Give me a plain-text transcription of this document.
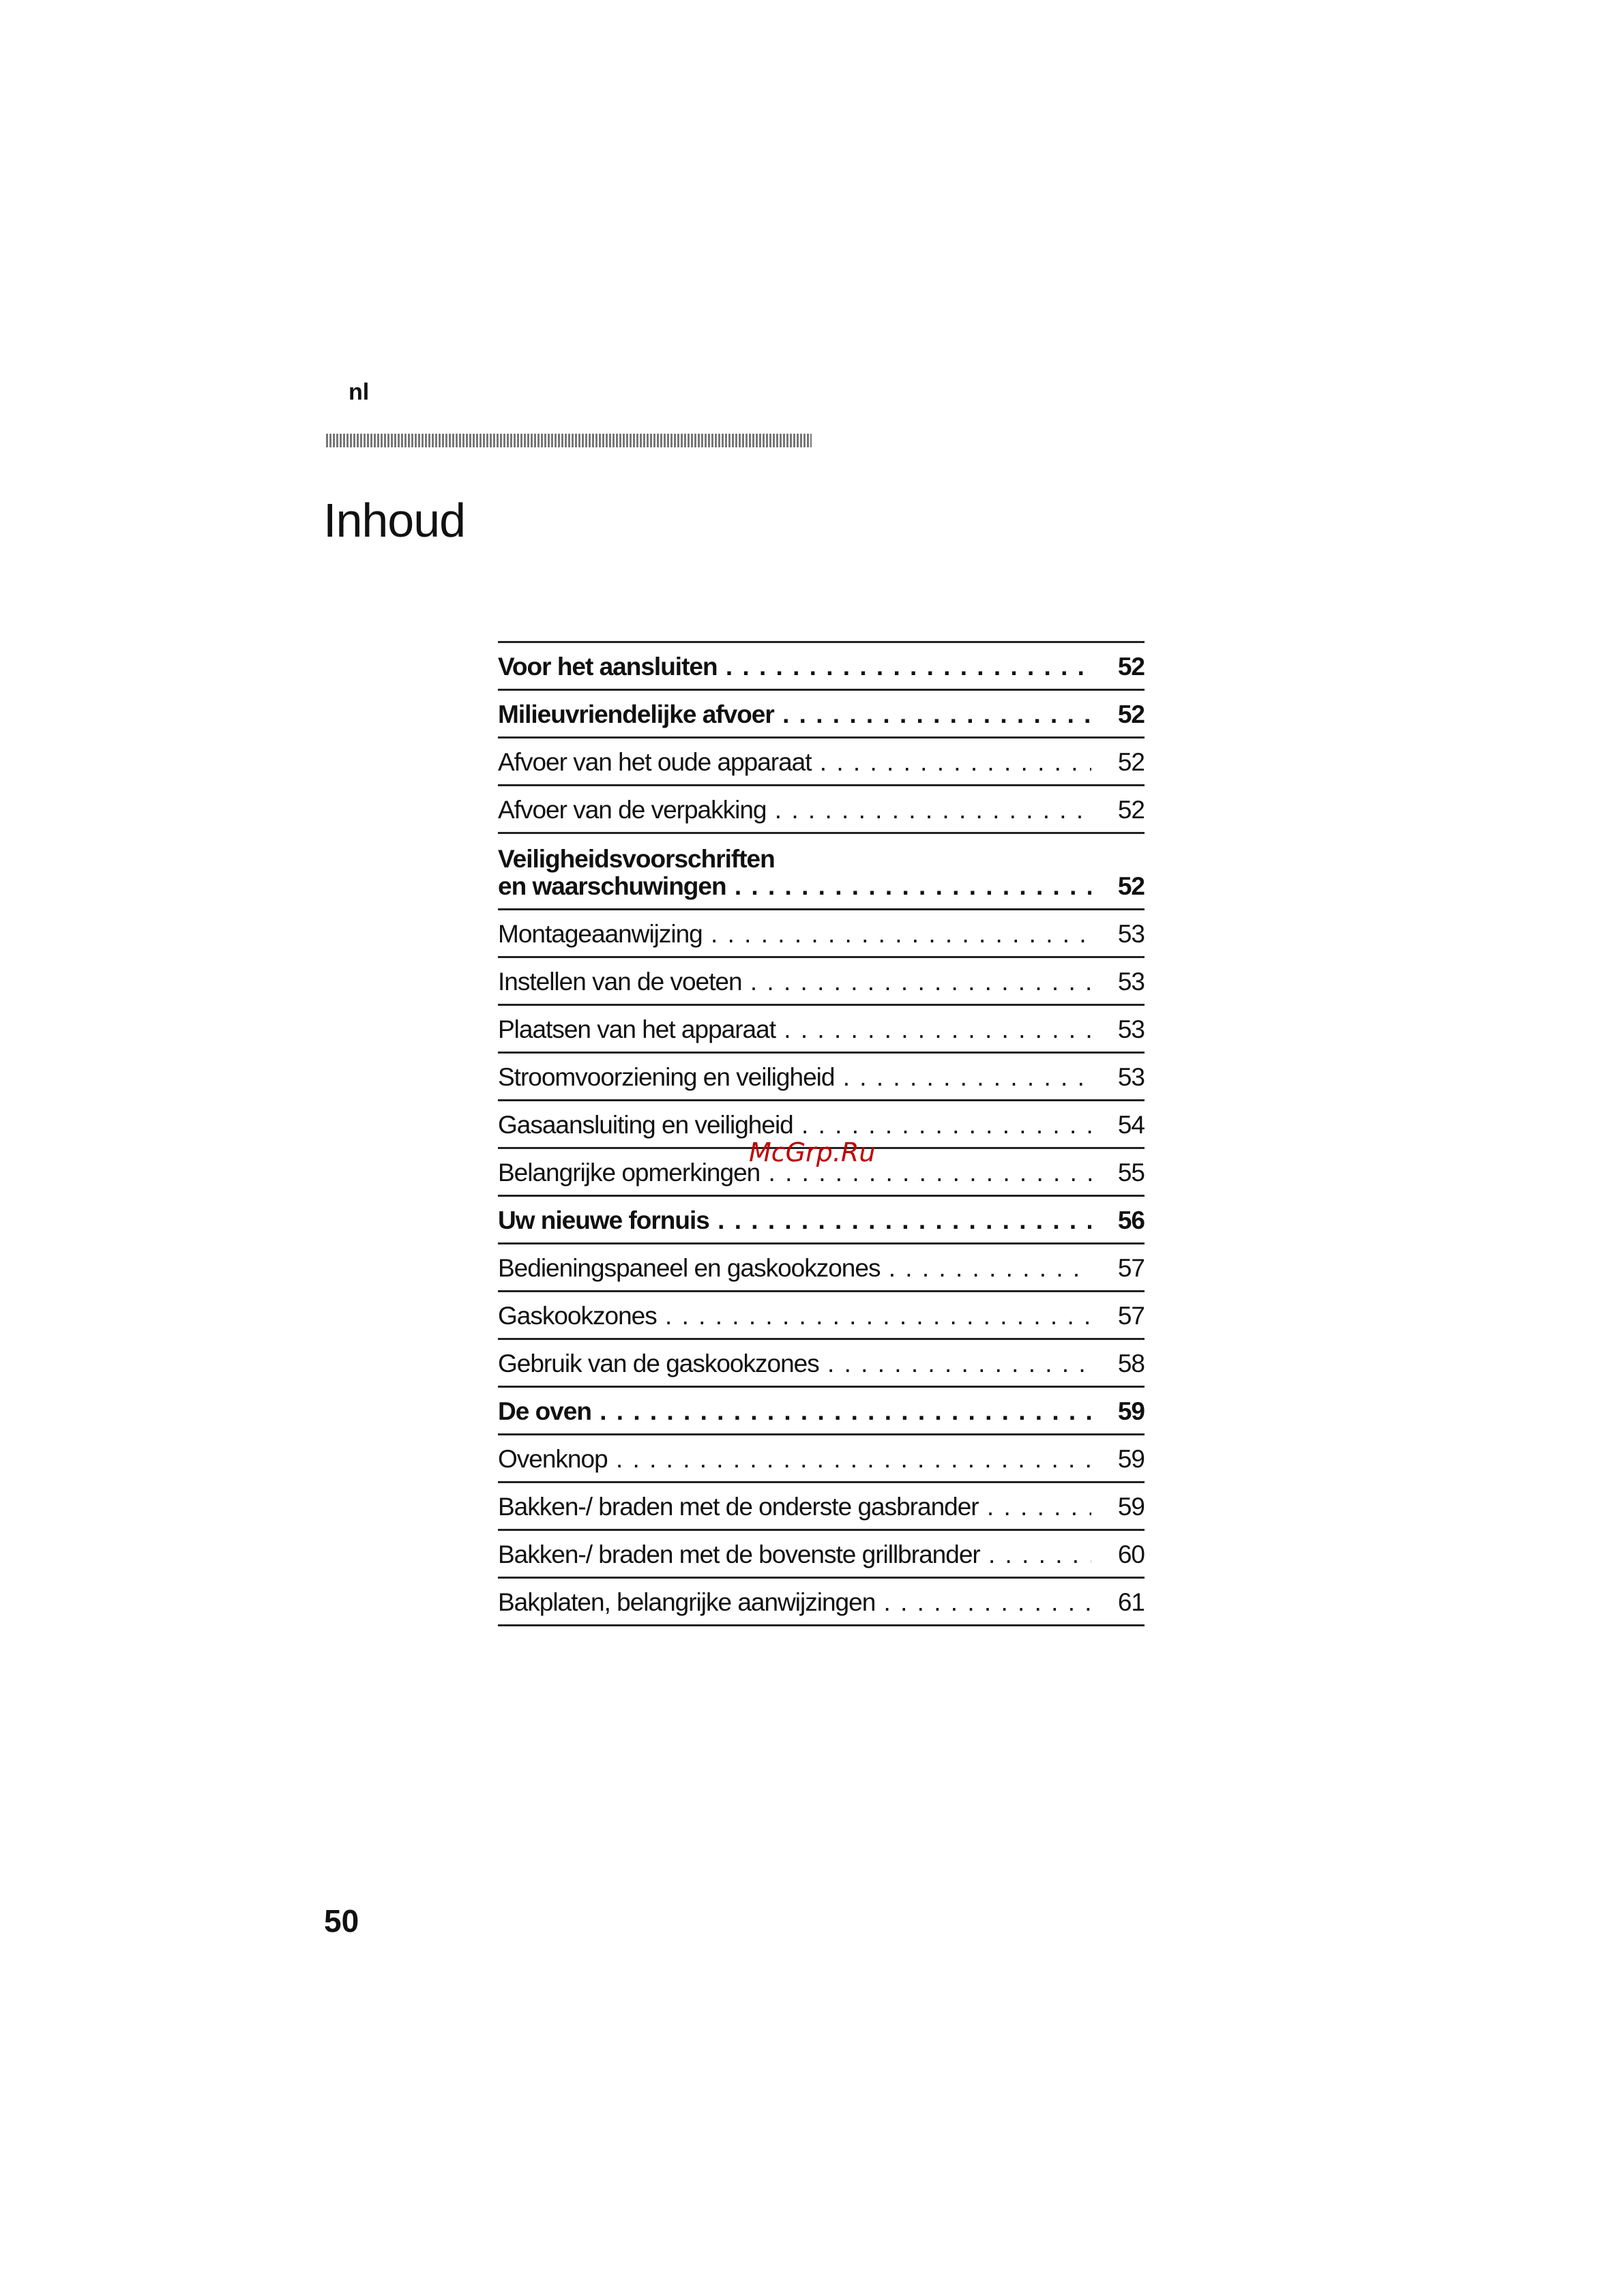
nl
Inhoud
Voor het aansluiten . . .	52
Milieuvriendelijke afvoer . . .	52
Afvoer van het oude apparaat . . .	52
Afvoer van de verpakking . . .	52
Veiligheidsvoorschriften
en waarschuwingen . . .	52
Montageaanwijzing . . .	53
Instellen van de voeten . . .	53
Plaatsen van het apparaat . . .	53
Stroomvoorziening en veiligheid . . .	53
Gasaansluiting en veiligheid . . .	54
Belangrijke opmerkingen . . .	55
Uw nieuwe fornuis . . .	56
Bedieningspaneel en gaskookzones . . .	57
Gaskookzones . . .	57
Gebruik van de gaskookzones . . .	58
De oven . . .	59
Ovenknop . . .	59
Bakken-/ braden met de onderste gasbrander . . .	59
Bakken-/ braden met de bovenste grillbrander . . .	60
Bakplaten, belangrijke aanwijzingen . . .	61
McGrp.Ru
50
